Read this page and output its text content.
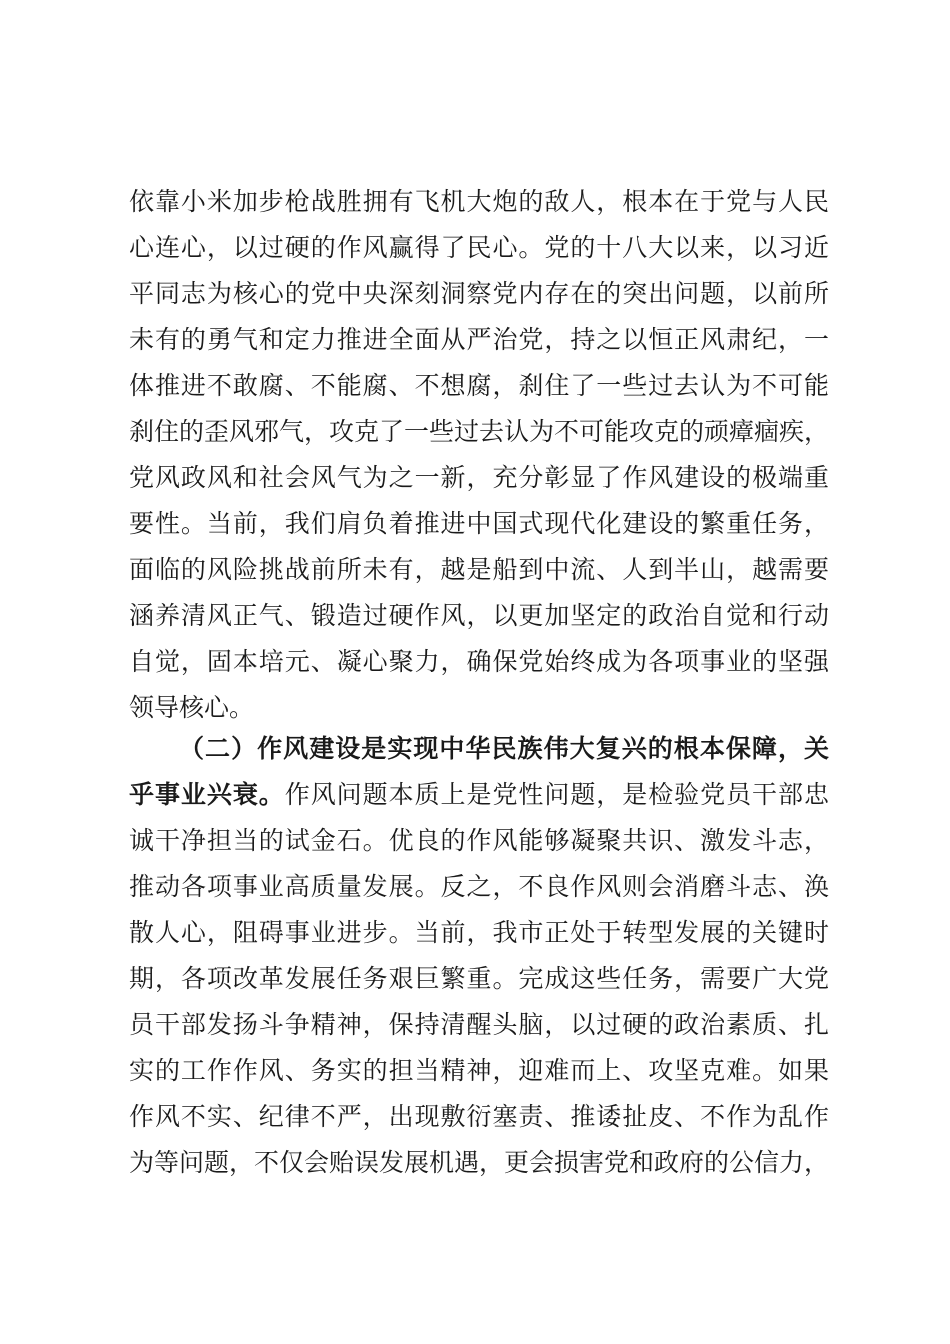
依靠小米加步枪战胜拥有飞机大炮的敌人，根本在于党与人民
心连心，以过硬的作风赢得了民心。党的十八大以来，以习近
平同志为核心的党中央深刻洞察党内存在的突出问题，以前所
未有的勇气和定力推进全面从严治党，持之以恒正风肃纪，一
体推进不敢腐、不能腐、不想腐，刹住了一些过去认为不可能
刹住的歪风邪气，攻克了一些过去认为不可能攻克的顽瘴痼疾，
党风政风和社会风气为之一新，充分彰显了作风建设的极端重
要性。当前，我们肩负着推进中国式现代化建设的繁重任务，
面临的风险挑战前所未有，越是船到中流、人到半山，越需要
涵养清风正气、锻造过硬作风，以更加坚定的政治自觉和行动
自觉，固本培元、凝心聚力，确保党始终成为各项事业的坚强
领导核心。
（二）作风建设是实现中华民族伟大复兴的根本保障，关
乎事业兴衰。作风问题本质上是党性问题，是检验党员干部忠
诚干净担当的试金石。优良的作风能够凝聚共识、激发斗志，
推动各项事业高质量发展。反之，不良作风则会消磨斗志、涣
散人心，阻碍事业进步。当前，我市正处于转型发展的关键时
期，各项改革发展任务艰巨繁重。完成这些任务，需要广大党
员干部发扬斗争精神，保持清醒头脑，以过硬的政治素质、扎
实的工作作风、务实的担当精神，迎难而上、攻坚克难。如果
作风不实、纪律不严，出现敷衍塞责、推诿扯皮、不作为乱作
为等问题，不仅会贻误发展机遇，更会损害党和政府的公信力，
